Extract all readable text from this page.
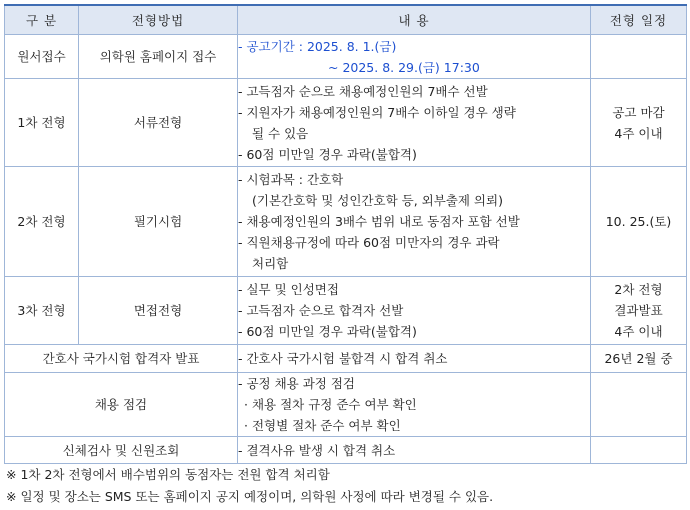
구 분	전형방법	내 용	전형 일정
원서접수	의학원 홈페이지 접수	- 공고기간 : 2025. 8. 1.(금)
~ 2025. 8. 29.(금) 17:30	

1차 전형	서류전형	- 고득점자 순으로 채용예정인원의 7배수 선발
- 지원자가 채용예정인원의 7배수 이하일 경우 생략
될 수 있음
- 60점 미만일 경우 과락(불합격)	공고 마감
4주 이내

2차 전형	필기시험	- 시험과목 : 간호학
(기본간호학 및 성인간호학 등, 외부출제 의뢰)
- 채용예정인원의 3배수 범위 내로 동점자 포함 선발
- 직원채용규정에 따라 60점 미만자의 경우 과락
처리함	10. 25.(토)
3차 전형	면접전형	- 실무 및 인성면접
- 고득점자 순으로 합격자 선발
- 60점 미만일 경우 과락(불합격)	2차 전형
결과발표
4주 이내

간호사 국가시험 합격자 발표		- 간호사 국가시험 불합격 시 합격 취소	26년 2월 중
채용 점검		- 공정 채용 과정 점검
· 채용 절차 규정 준수 여부 확인
· 전형별 절차 준수 여부 확인	

신체검사 및 신원조회		- 결격사유 발생 시 합격 취소	
※ 1차 2차 전형에서 배수범위의 동점자는 전원 합격 처리함
※ 일정 및 장소는 SMS 또는 홈페이지 공지 예정이며, 의학원 사정에 따라 변경될 수 있음.
